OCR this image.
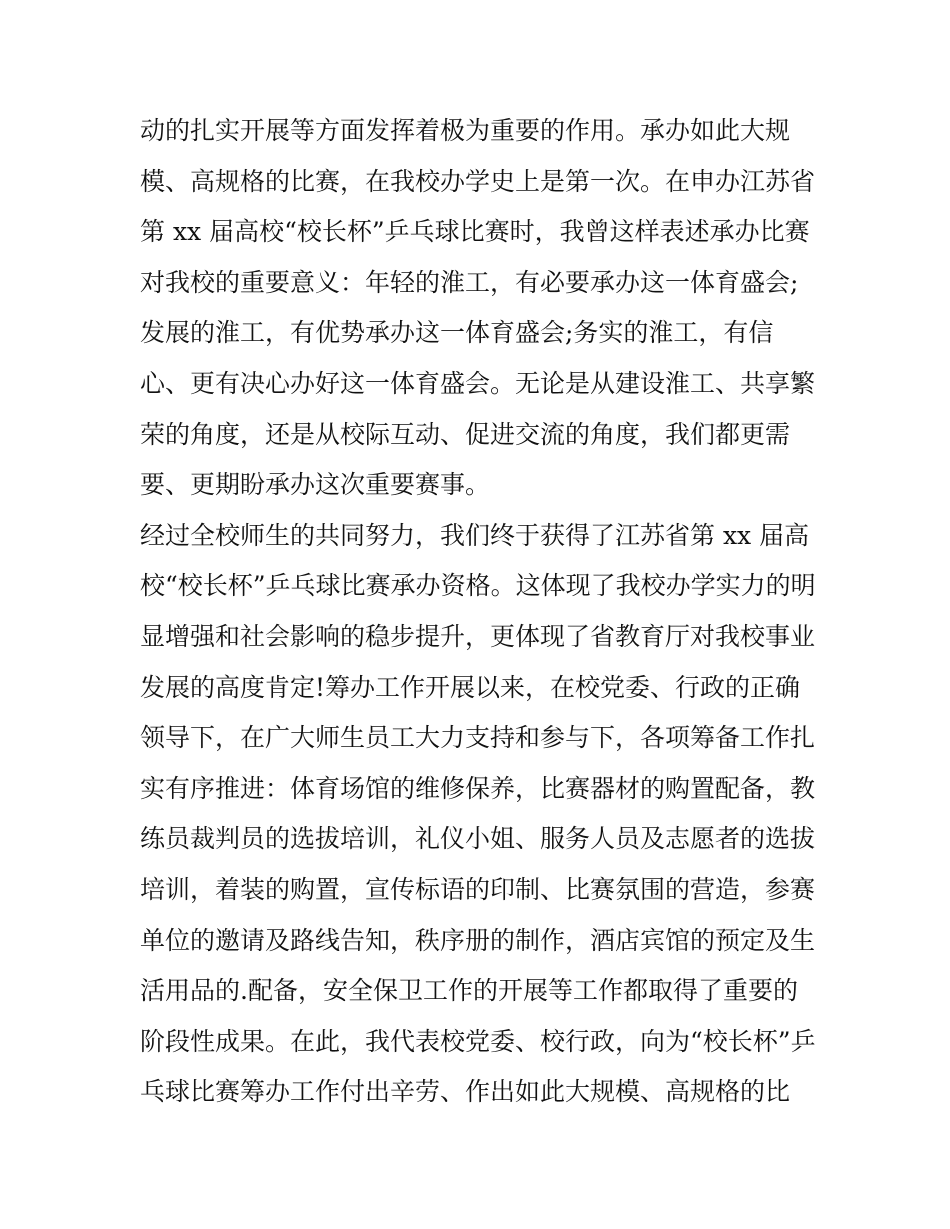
动的扎实开展等方面发挥着极为重要的作用。承办如此大规
模、高规格的比赛，在我校办学史上是第一次。在申办江苏省
第 xx 届高校“校长杯”乒乓球比赛时，我曾这样表述承办比赛
对我校的重要意义：年轻的淮工，有必要承办这一体育盛会;
发展的淮工，有优势承办这一体育盛会;务实的淮工，有信
心、更有决心办好这一体育盛会。无论是从建设淮工、共享繁
荣的角度，还是从校际互动、促进交流的角度，我们都更需
要、更期盼承办这次重要赛事。
经过全校师生的共同努力，我们终于获得了江苏省第 xx 届高
校“校长杯”乒乓球比赛承办资格。这体现了我校办学实力的明
显增强和社会影响的稳步提升，更体现了省教育厅对我校事业
发展的高度肯定!筹办工作开展以来，在校党委、行政的正确
领导下，在广大师生员工大力支持和参与下，各项筹备工作扎
实有序推进：体育场馆的维修保养，比赛器材的购置配备，教
练员裁判员的选拔培训，礼仪小姐、服务人员及志愿者的选拔
培训，着装的购置，宣传标语的印制、比赛氛围的营造，参赛
单位的邀请及路线告知，秩序册的制作，酒店宾馆的预定及生
活用品的.配备，安全保卫工作的开展等工作都取得了重要的
阶段性成果。在此，我代表校党委、校行政，向为“校长杯”乒
乓球比赛筹办工作付出辛劳、作出如此大规模、高规格的比
